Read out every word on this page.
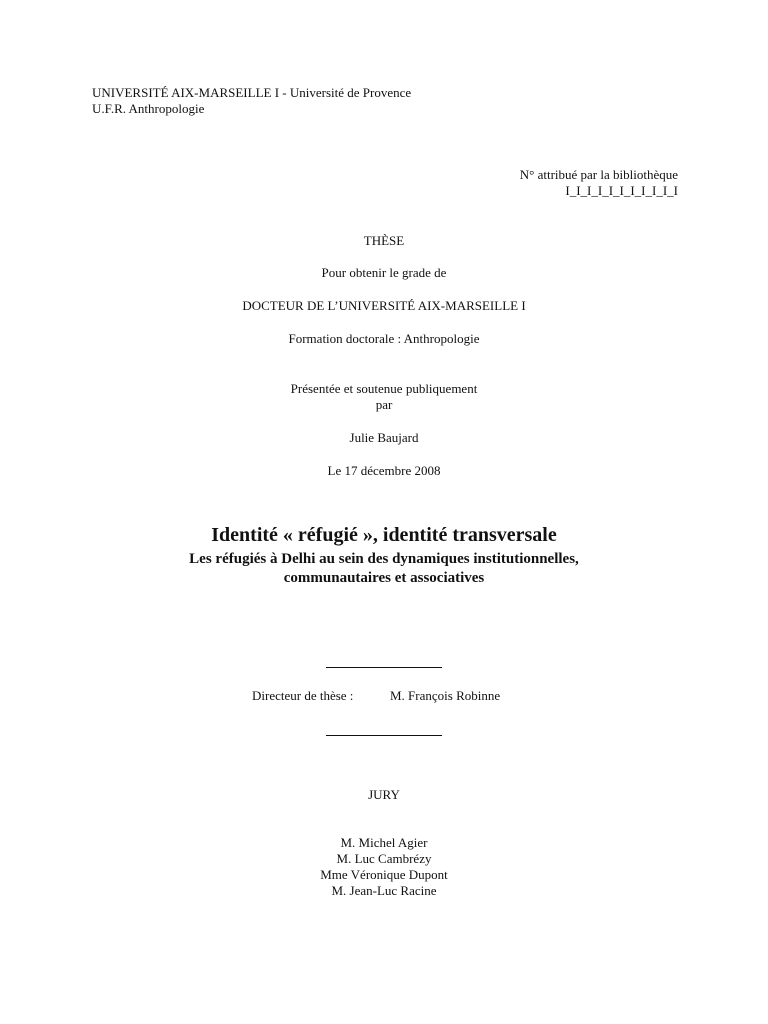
UNIVERSITÉ AIX-MARSEILLE I - Université de Provence
U.F.R. Anthropologie
N° attribué par la bibliothèque
I_I_I_I_I_I_I_I_I_I_I
THÈSE
Pour obtenir le grade de
DOCTEUR DE L’UNIVERSITÉ AIX-MARSEILLE I
Formation doctorale : Anthropologie
Présentée et soutenue publiquement
par
Julie Baujard
Le 17 décembre 2008
Identité « réfugié », identité transversale
Les réfugiés à Delhi au sein des dynamiques institutionnelles,
communautaires et associatives
Directeur de thèse :	M. François Robinne
JURY
M. Michel Agier
M. Luc Cambrézy
Mme Véronique Dupont
M. Jean-Luc Racine
